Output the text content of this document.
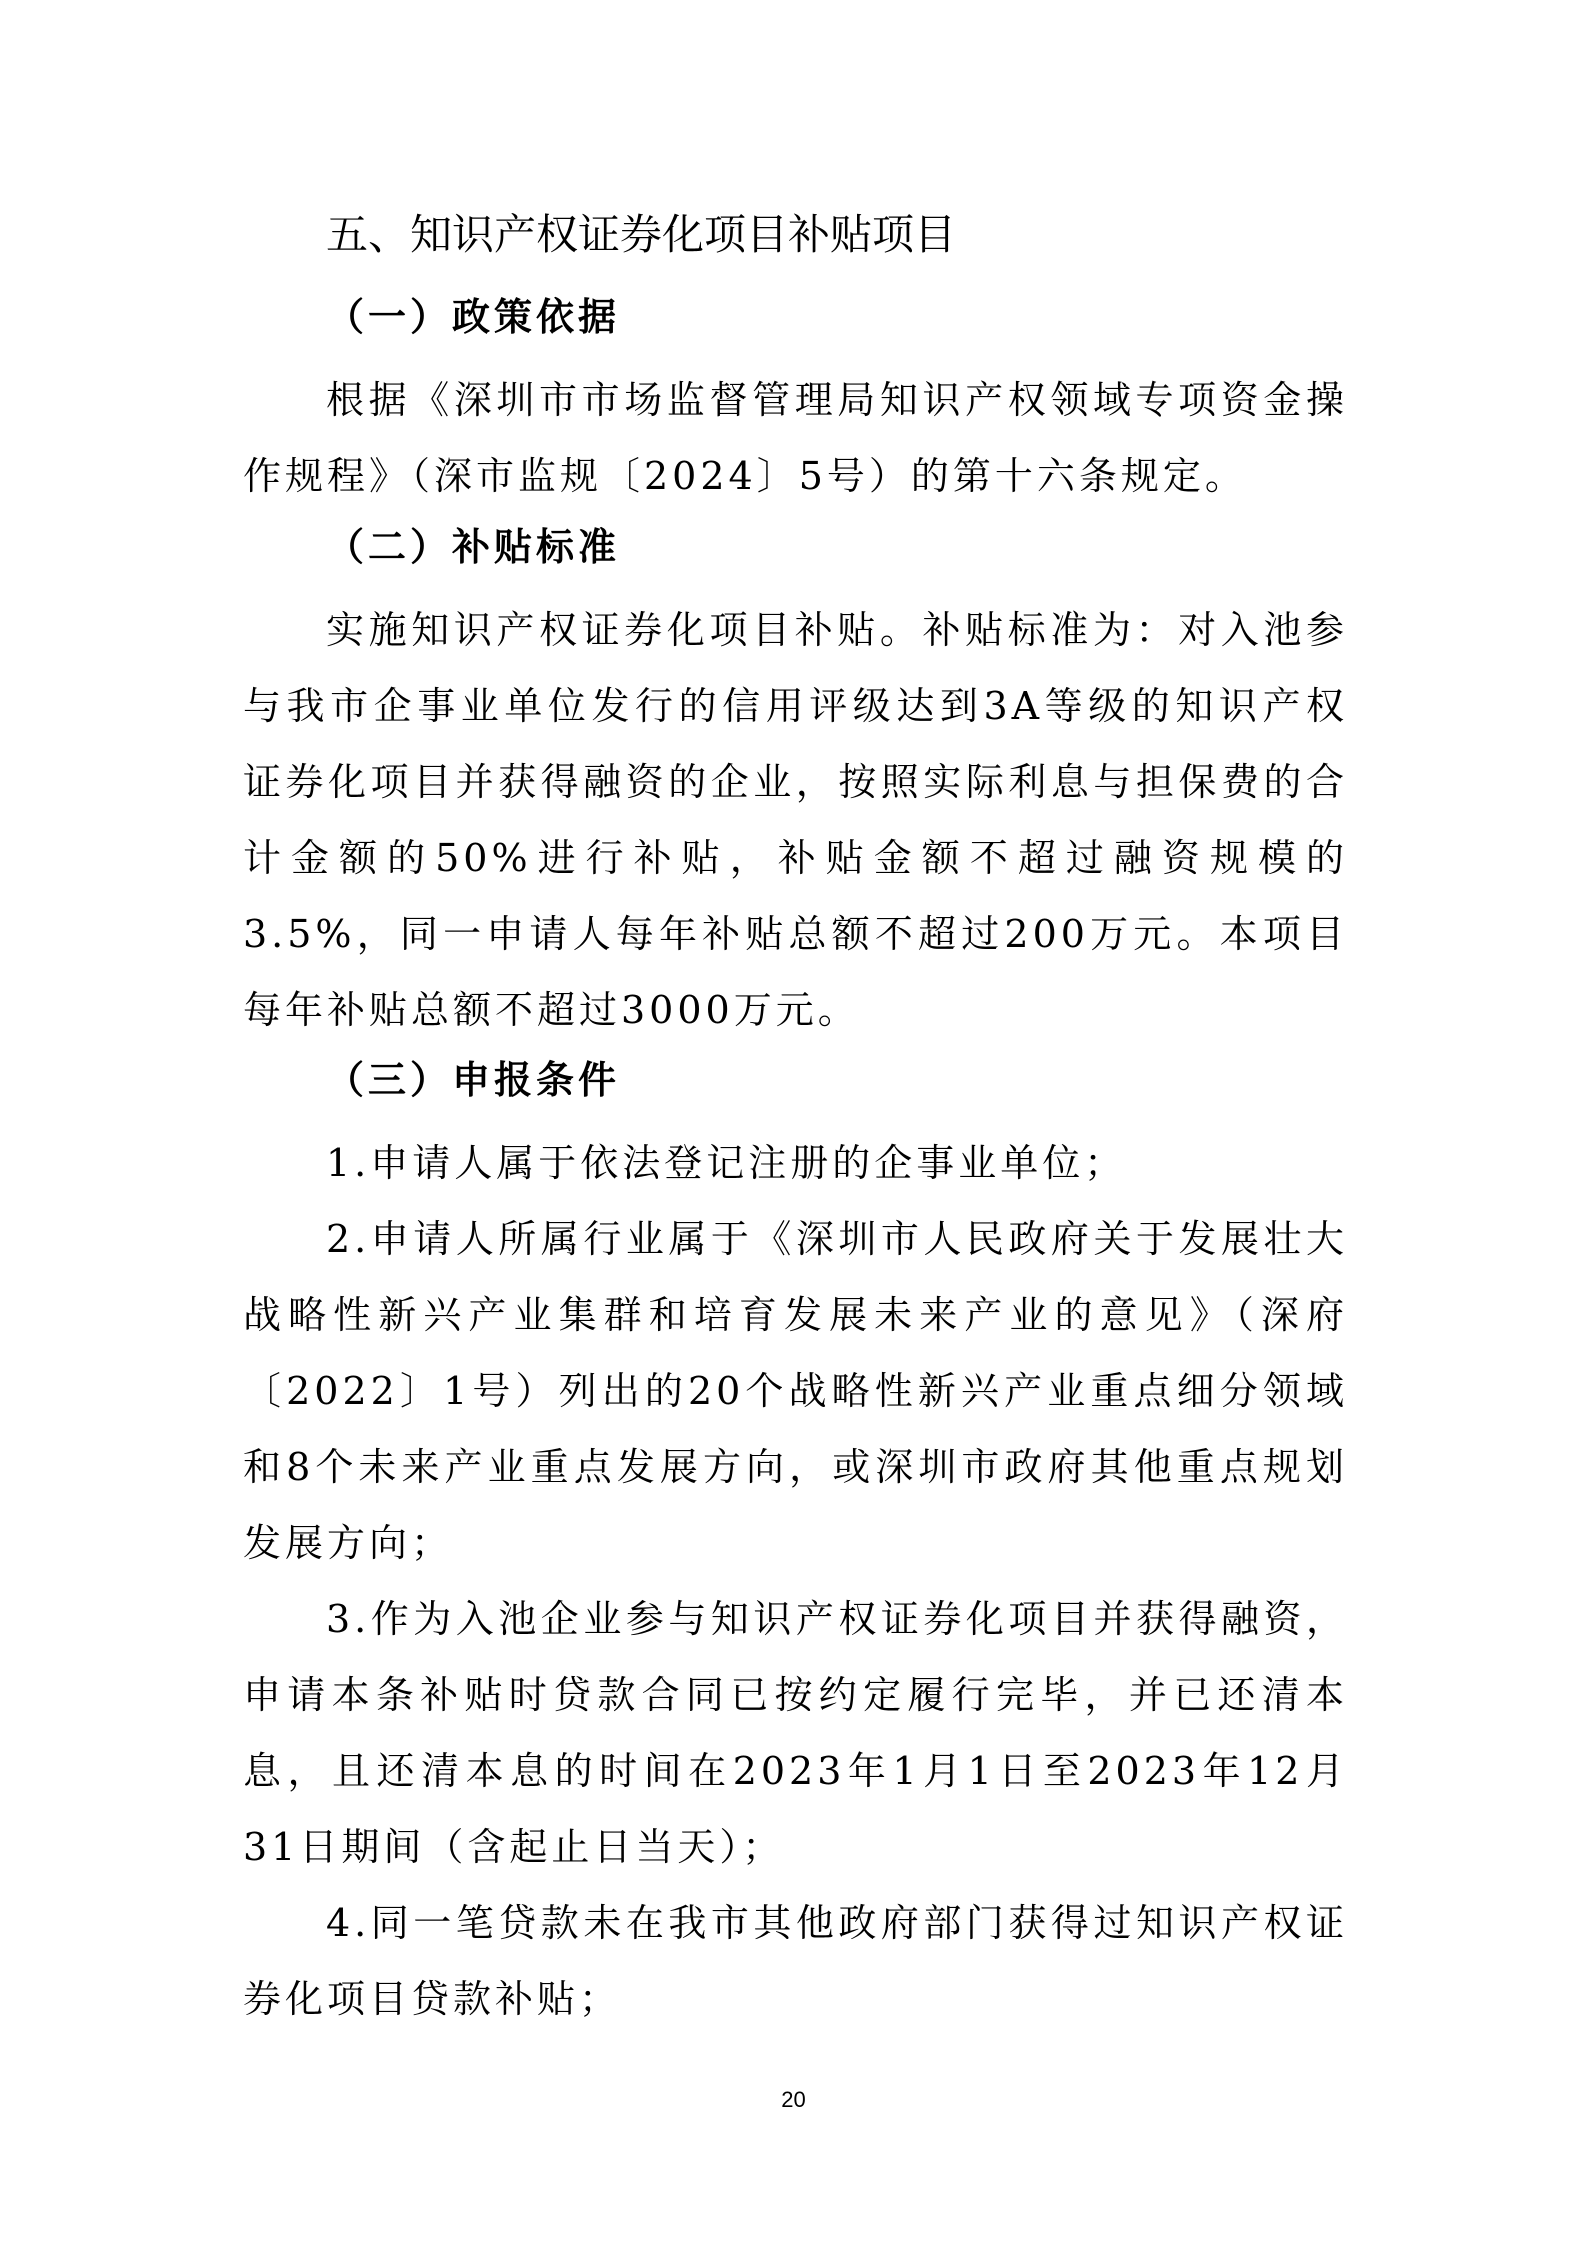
五、知识产权证券化项目补贴项目
（一）政策依据

根据《深圳市市场监督管理局知识产权领域专项资金操作规程》（深市监规〔2024〕5号）的第十六条规定。

（二）补贴标准

实施知识产权证券化项目补贴。补贴标准为：对入池参与我市企事业单位发行的信用评级达到3A等级的知识产权证券化项目并获得融资的企业，按照实际利息与担保费的合计金额的50%进行补贴，补贴金额不超过融资规模的3.5%，同一申请人每年补贴总额不超过200万元。本项目每年补贴总额不超过3000万元。

（三）申报条件

1.申请人属于依法登记注册的企事业单位；

2.申请人所属行业属于《深圳市人民政府关于发展壮大战略性新兴产业集群和培育发展未来产业的意见》（深府〔2022〕1号）列出的20个战略性新兴产业重点细分领域和8个未来产业重点发展方向，或深圳市政府其他重点规划发展方向；

3.作为入池企业参与知识产权证券化项目并获得融资，申请本条补贴时贷款合同已按约定履行完毕，并已还清本息，且还清本息的时间在2023年1月1日至2023年12月31日期间（含起止日当天）；

4.同一笔贷款未在我市其他政府部门获得过知识产权证券化项目贷款补贴；

20
